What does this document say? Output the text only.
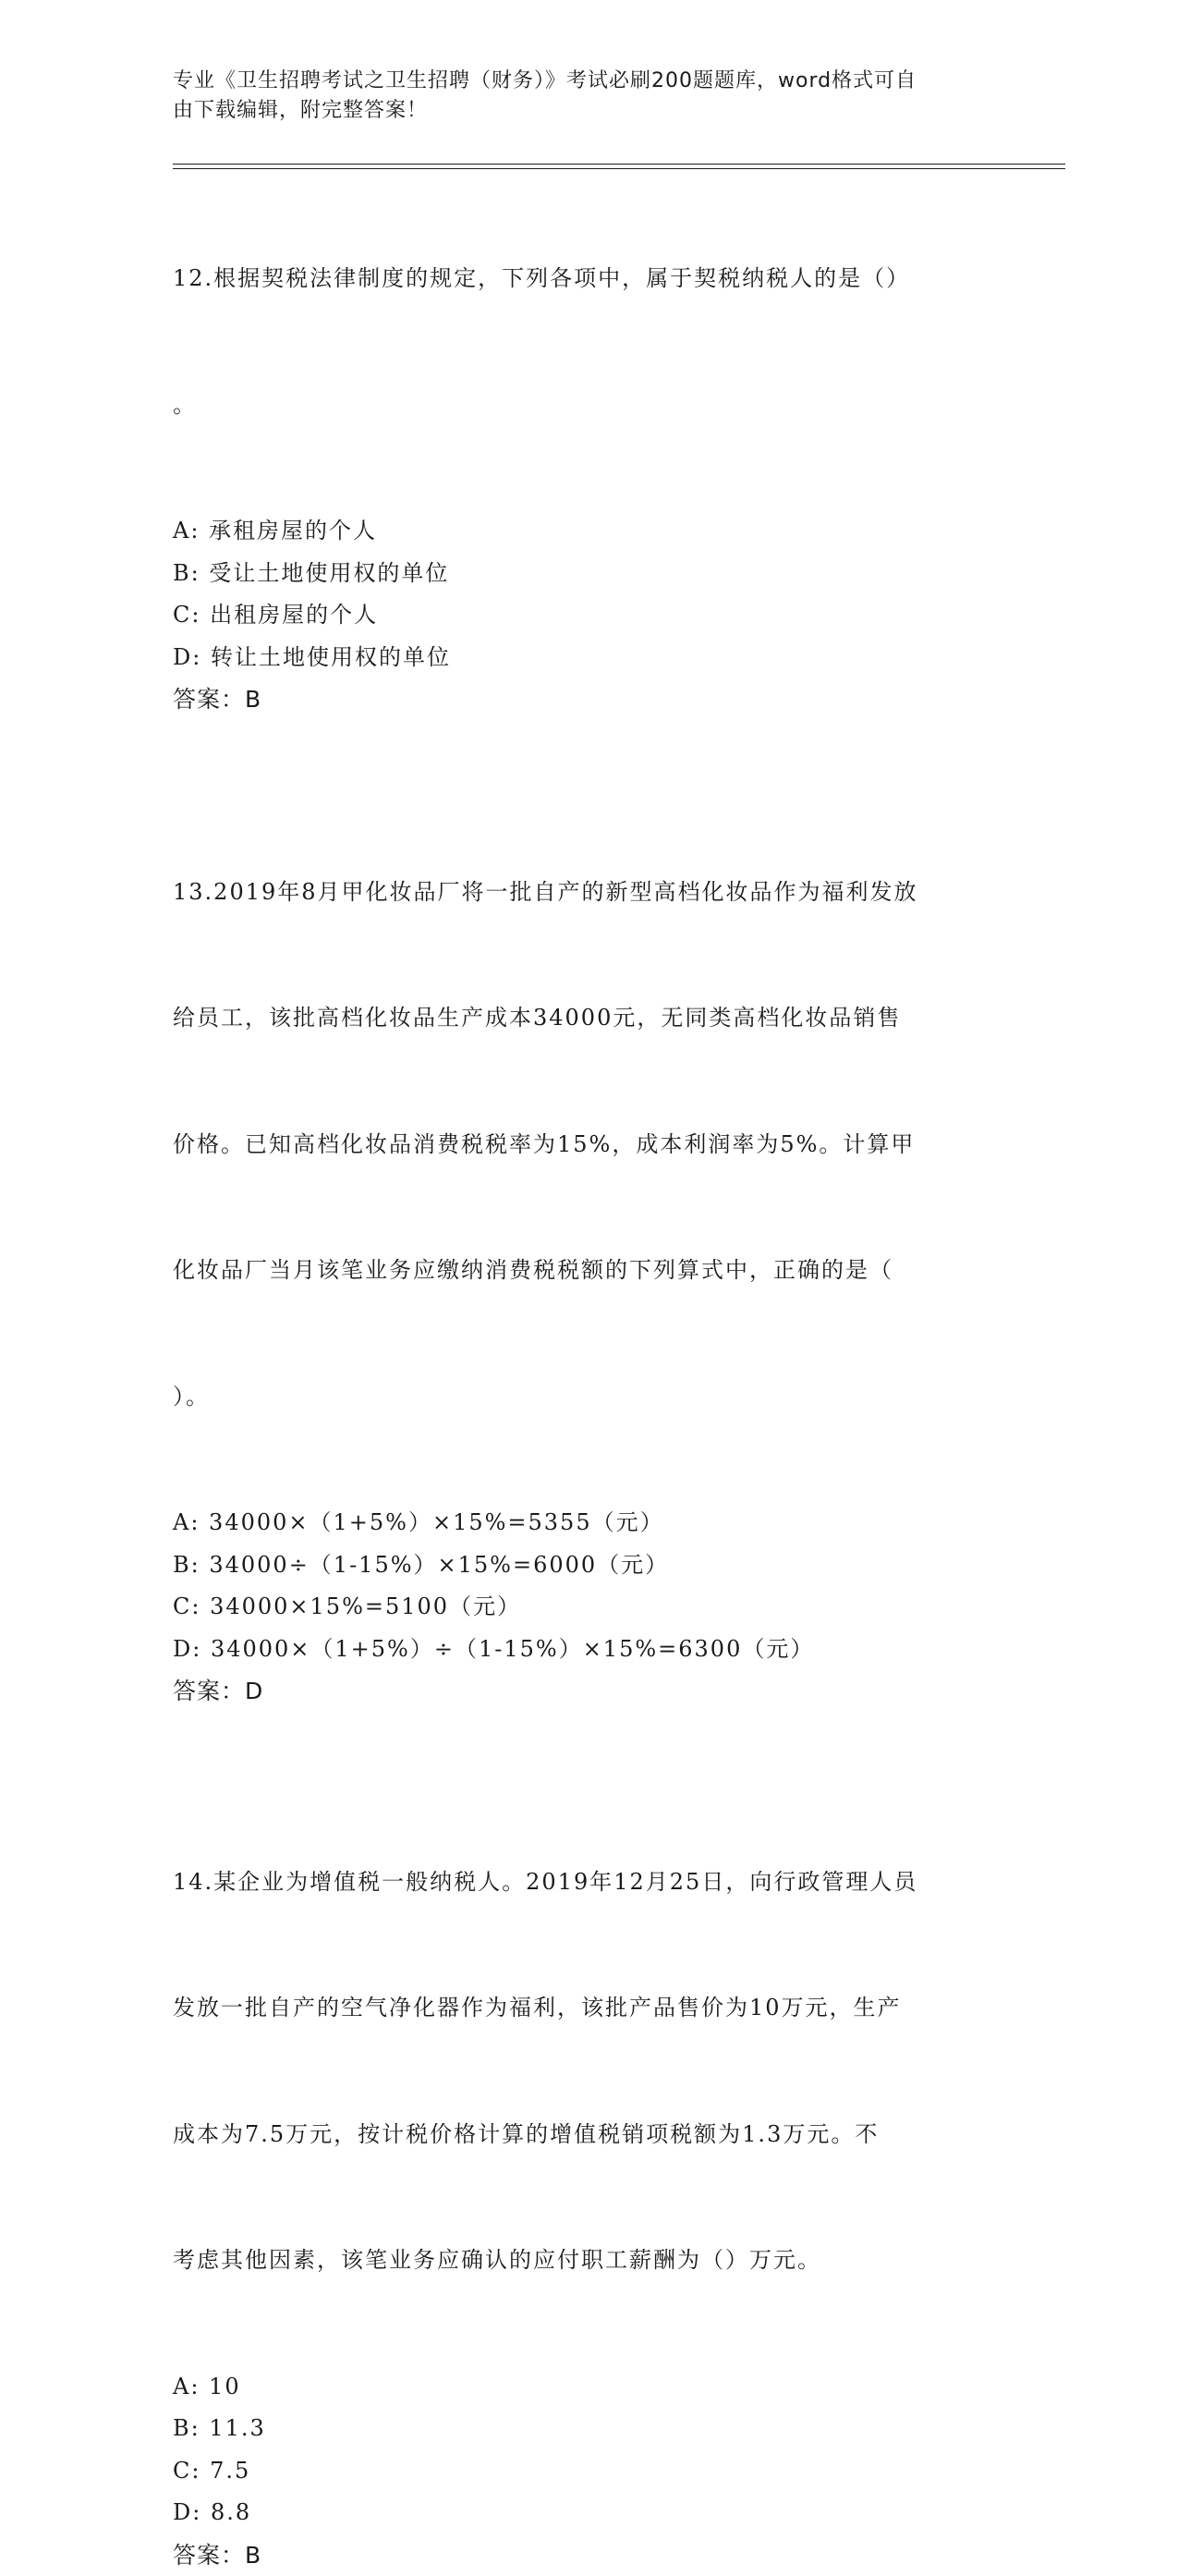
专业《卫生招聘考试之卫生招聘（财务）》考试必刷200题题库，word格式可自
由下载编辑，附完整答案！

12.根据契税法律制度的规定，下列各项中，属于契税纳税人的是（）

。

A: 承租房屋的个人
B: 受让土地使用权的单位
C: 出租房屋的个人
D: 转让土地使用权的单位
答案：B

13.2019年8月甲化妆品厂将一批自产的新型高档化妆品作为福利发放

给员工，该批高档化妆品生产成本34000元，无同类高档化妆品销售

价格。已知高档化妆品消费税税率为15%，成本利润率为5%。计算甲

化妆品厂当月该笔业务应缴纳消费税税额的下列算式中，正确的是（

）。

A: 34000×（1+5%）×15%=5355（元）
B: 34000÷（1-15%）×15%=6000（元）
C: 34000×15%=5100（元）
D: 34000×（1+5%）÷（1-15%）×15%=6300（元）
答案：D

14.某企业为增值税一般纳税人。2019年12月25日，向行政管理人员

发放一批自产的空气净化器作为福利，该批产品售价为10万元，生产

成本为7.5万元，按计税价格计算的增值税销项税额为1.3万元。不

考虑其他因素，该笔业务应确认的应付职工薪酬为（）万元。

A: 10
B: 11.3
C: 7.5
D: 8.8
答案：B
